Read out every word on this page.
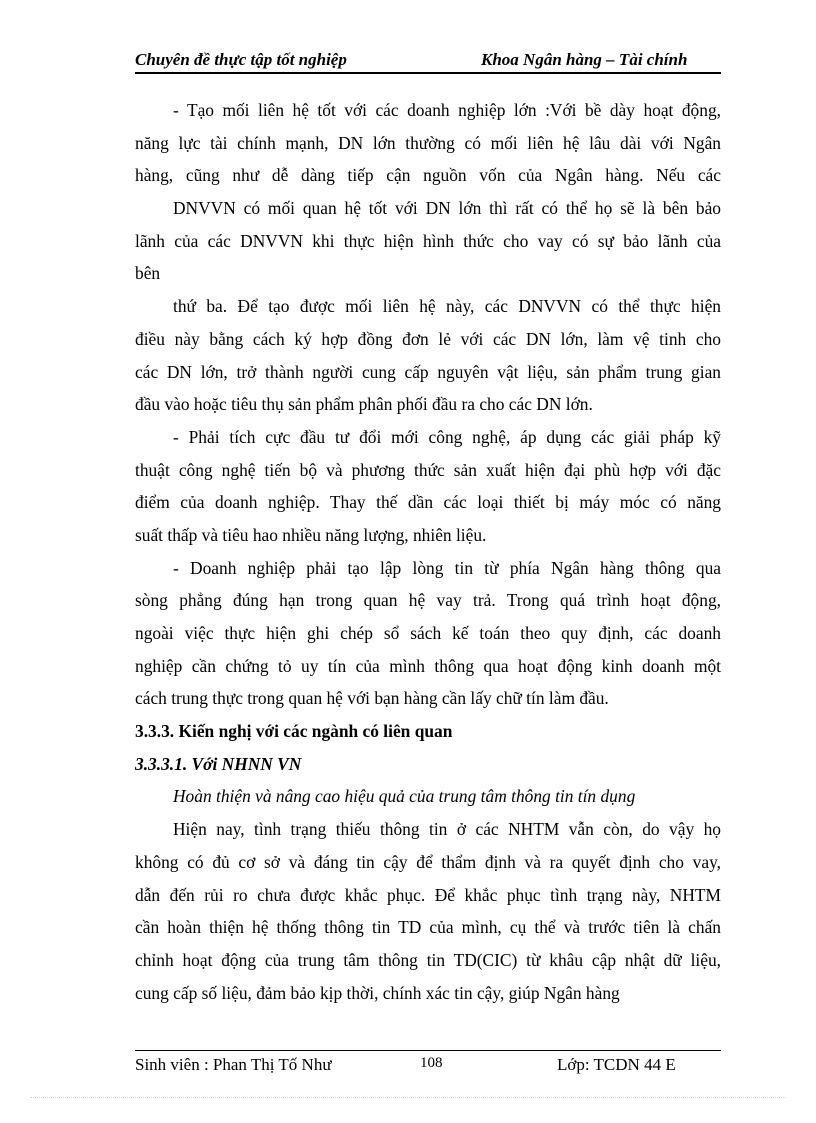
Chuyên đề thực tập tốt nghiệp	Khoa Ngân hàng – Tài chính
- Tạo mối liên hệ tốt với các doanh nghiệp lớn :Với bề dày hoạt động,
năng lực tài chính mạnh, DN lớn thường có mối liên hệ lâu dài với Ngân
hàng, cũng như dễ dàng tiếp cận nguồn vốn của Ngân hàng. Nếu các
DNVVN có mối quan hệ tốt với DN lớn thì rất có thể họ sẽ là bên bảo
lãnh của các DNVVN khi thực hiện hình thức cho vay có sự bảo lãnh của
bên
thứ ba. Để tạo được mối liên hệ này, các DNVVN có thể thực hiện
điều này bằng cách ký hợp đồng đơn lẻ với các DN lớn, làm vệ tinh cho
các DN lớn, trở thành người cung cấp nguyên vật liệu, sản phẩm trung gian
đầu vào hoặc tiêu thụ sản phẩm phân phối đầu ra cho các DN lớn.
- Phải tích cực đầu tư đổi mới công nghệ, áp dụng các giải pháp kỹ
thuật công nghệ tiến bộ và phương thức sản xuất hiện đại phù hợp với đặc
điểm của doanh nghiệp. Thay thế dần các loại thiết bị máy móc có năng
suất thấp và tiêu hao nhiều năng lượng, nhiên liệu.
- Doanh nghiệp phải tạo lập lòng tin từ phía Ngân hàng thông qua
sòng phẳng đúng hạn trong quan hệ vay trả. Trong quá trình hoạt động,
ngoài việc thực hiện ghi chép sổ sách kế toán theo quy định, các doanh
nghiệp cần chứng tỏ uy tín của mình thông qua hoạt động kinh doanh một
cách trung thực trong quan hệ với bạn hàng cần lấy chữ tín làm đầu.
3.3.3. Kiến nghị với các ngành có liên quan
3.3.3.1. Với NHNN VN
Hoàn thiện và nâng cao hiệu quả của trung tâm thông tin tín dụng
Hiện nay, tình trạng thiếu thông tin ở các NHTM vẫn còn, do vậy họ
không có đủ cơ sở và đáng tin cậy để thẩm định và ra quyết định cho vay,
dẫn đến rủi ro chưa được khắc phục. Để khắc phục tình trạng này, NHTM
cần hoàn thiện hệ thống thông tin TD của mình, cụ thể và trước tiên là chấn
chỉnh hoạt động của trung tâm thông tin TD(CIC) từ khâu cập nhật dữ liệu,
cung cấp số liệu, đảm bảo kịp thời, chính xác tin cậy, giúp Ngân hàng
Sinh viên : Phan Thị Tố Như	108	Lớp: TCDN 44 E
